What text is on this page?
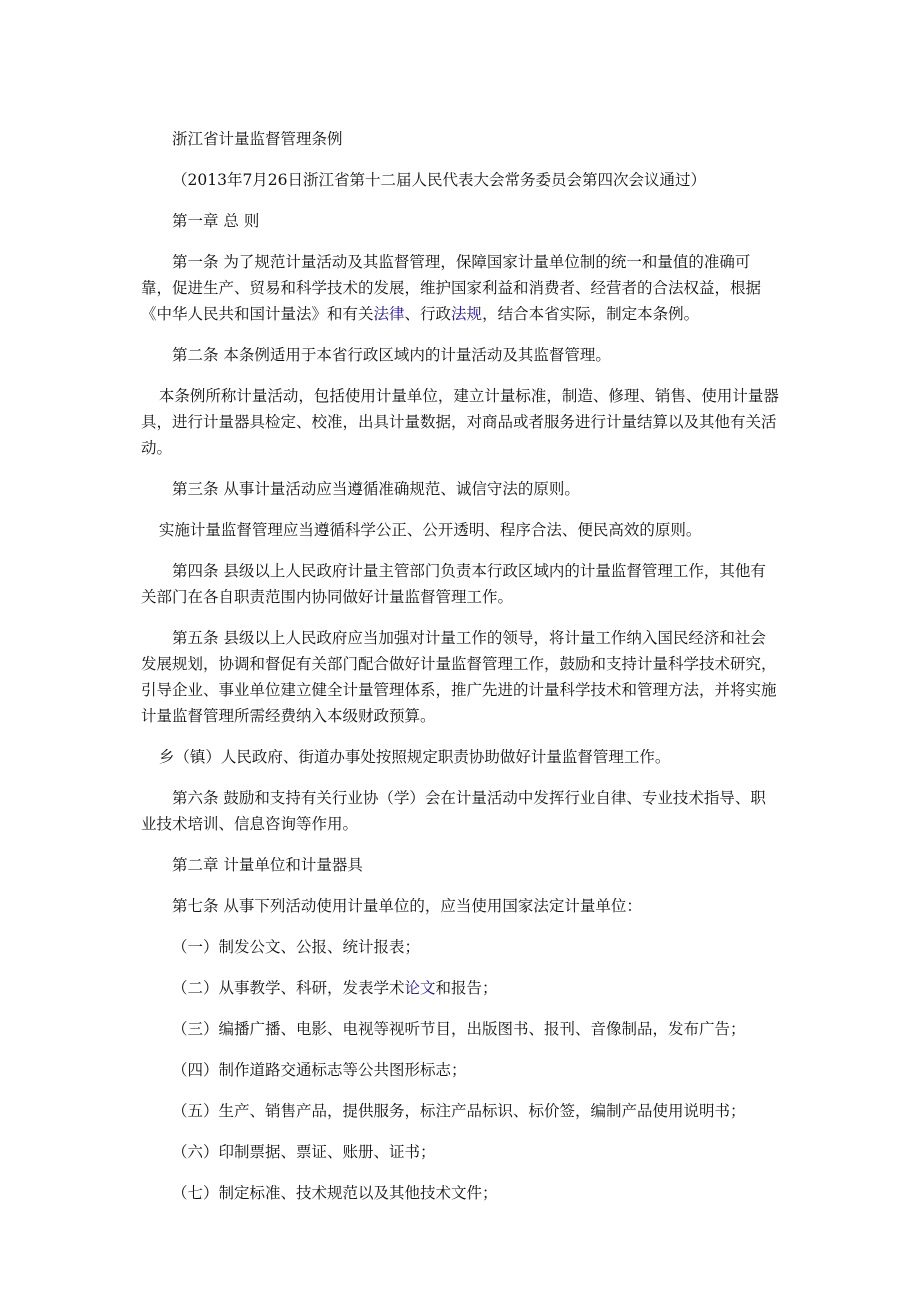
浙江省计量监督管理条例

（2013年7月26日浙江省第十二届人民代表大会常务委员会第四次会议通过）

第一章 总 则

第一条 为了规范计量活动及其监督管理，保障国家计量单位制的统一和量值的准确可靠，促进生产、贸易和科学技术的发展，维护国家利益和消费者、经营者的合法权益，根据《中华人民共和国计量法》和有关法律、行政法规，结合本省实际，制定本条例。

第二条 本条例适用于本省行政区域内的计量活动及其监督管理。

本条例所称计量活动，包括使用计量单位，建立计量标准，制造、修理、销售、使用计量器具，进行计量器具检定、校准，出具计量数据，对商品或者服务进行计量结算以及其他有关活动。

第三条 从事计量活动应当遵循准确规范、诚信守法的原则。

实施计量监督管理应当遵循科学公正、公开透明、程序合法、便民高效的原则。

第四条 县级以上人民政府计量主管部门负责本行政区域内的计量监督管理工作，其他有关部门在各自职责范围内协同做好计量监督管理工作。

第五条 县级以上人民政府应当加强对计量工作的领导，将计量工作纳入国民经济和社会发展规划，协调和督促有关部门配合做好计量监督管理工作，鼓励和支持计量科学技术研究，引导企业、事业单位建立健全计量管理体系，推广先进的计量科学技术和管理方法，并将实施计量监督管理所需经费纳入本级财政预算。

乡（镇）人民政府、街道办事处按照规定职责协助做好计量监督管理工作。

第六条 鼓励和支持有关行业协（学）会在计量活动中发挥行业自律、专业技术指导、职业技术培训、信息咨询等作用。

第二章 计量单位和计量器具

第七条 从事下列活动使用计量单位的，应当使用国家法定计量单位：

（一）制发公文、公报、统计报表；

（二）从事教学、科研，发表学术论文和报告；

（三）编播广播、电影、电视等视听节目，出版图书、报刊、音像制品，发布广告；

（四）制作道路交通标志等公共图形标志；

（五）生产、销售产品，提供服务，标注产品标识、标价签，编制产品使用说明书；

（六）印制票据、票证、账册、证书；

（七）制定标准、技术规范以及其他技术文件；
